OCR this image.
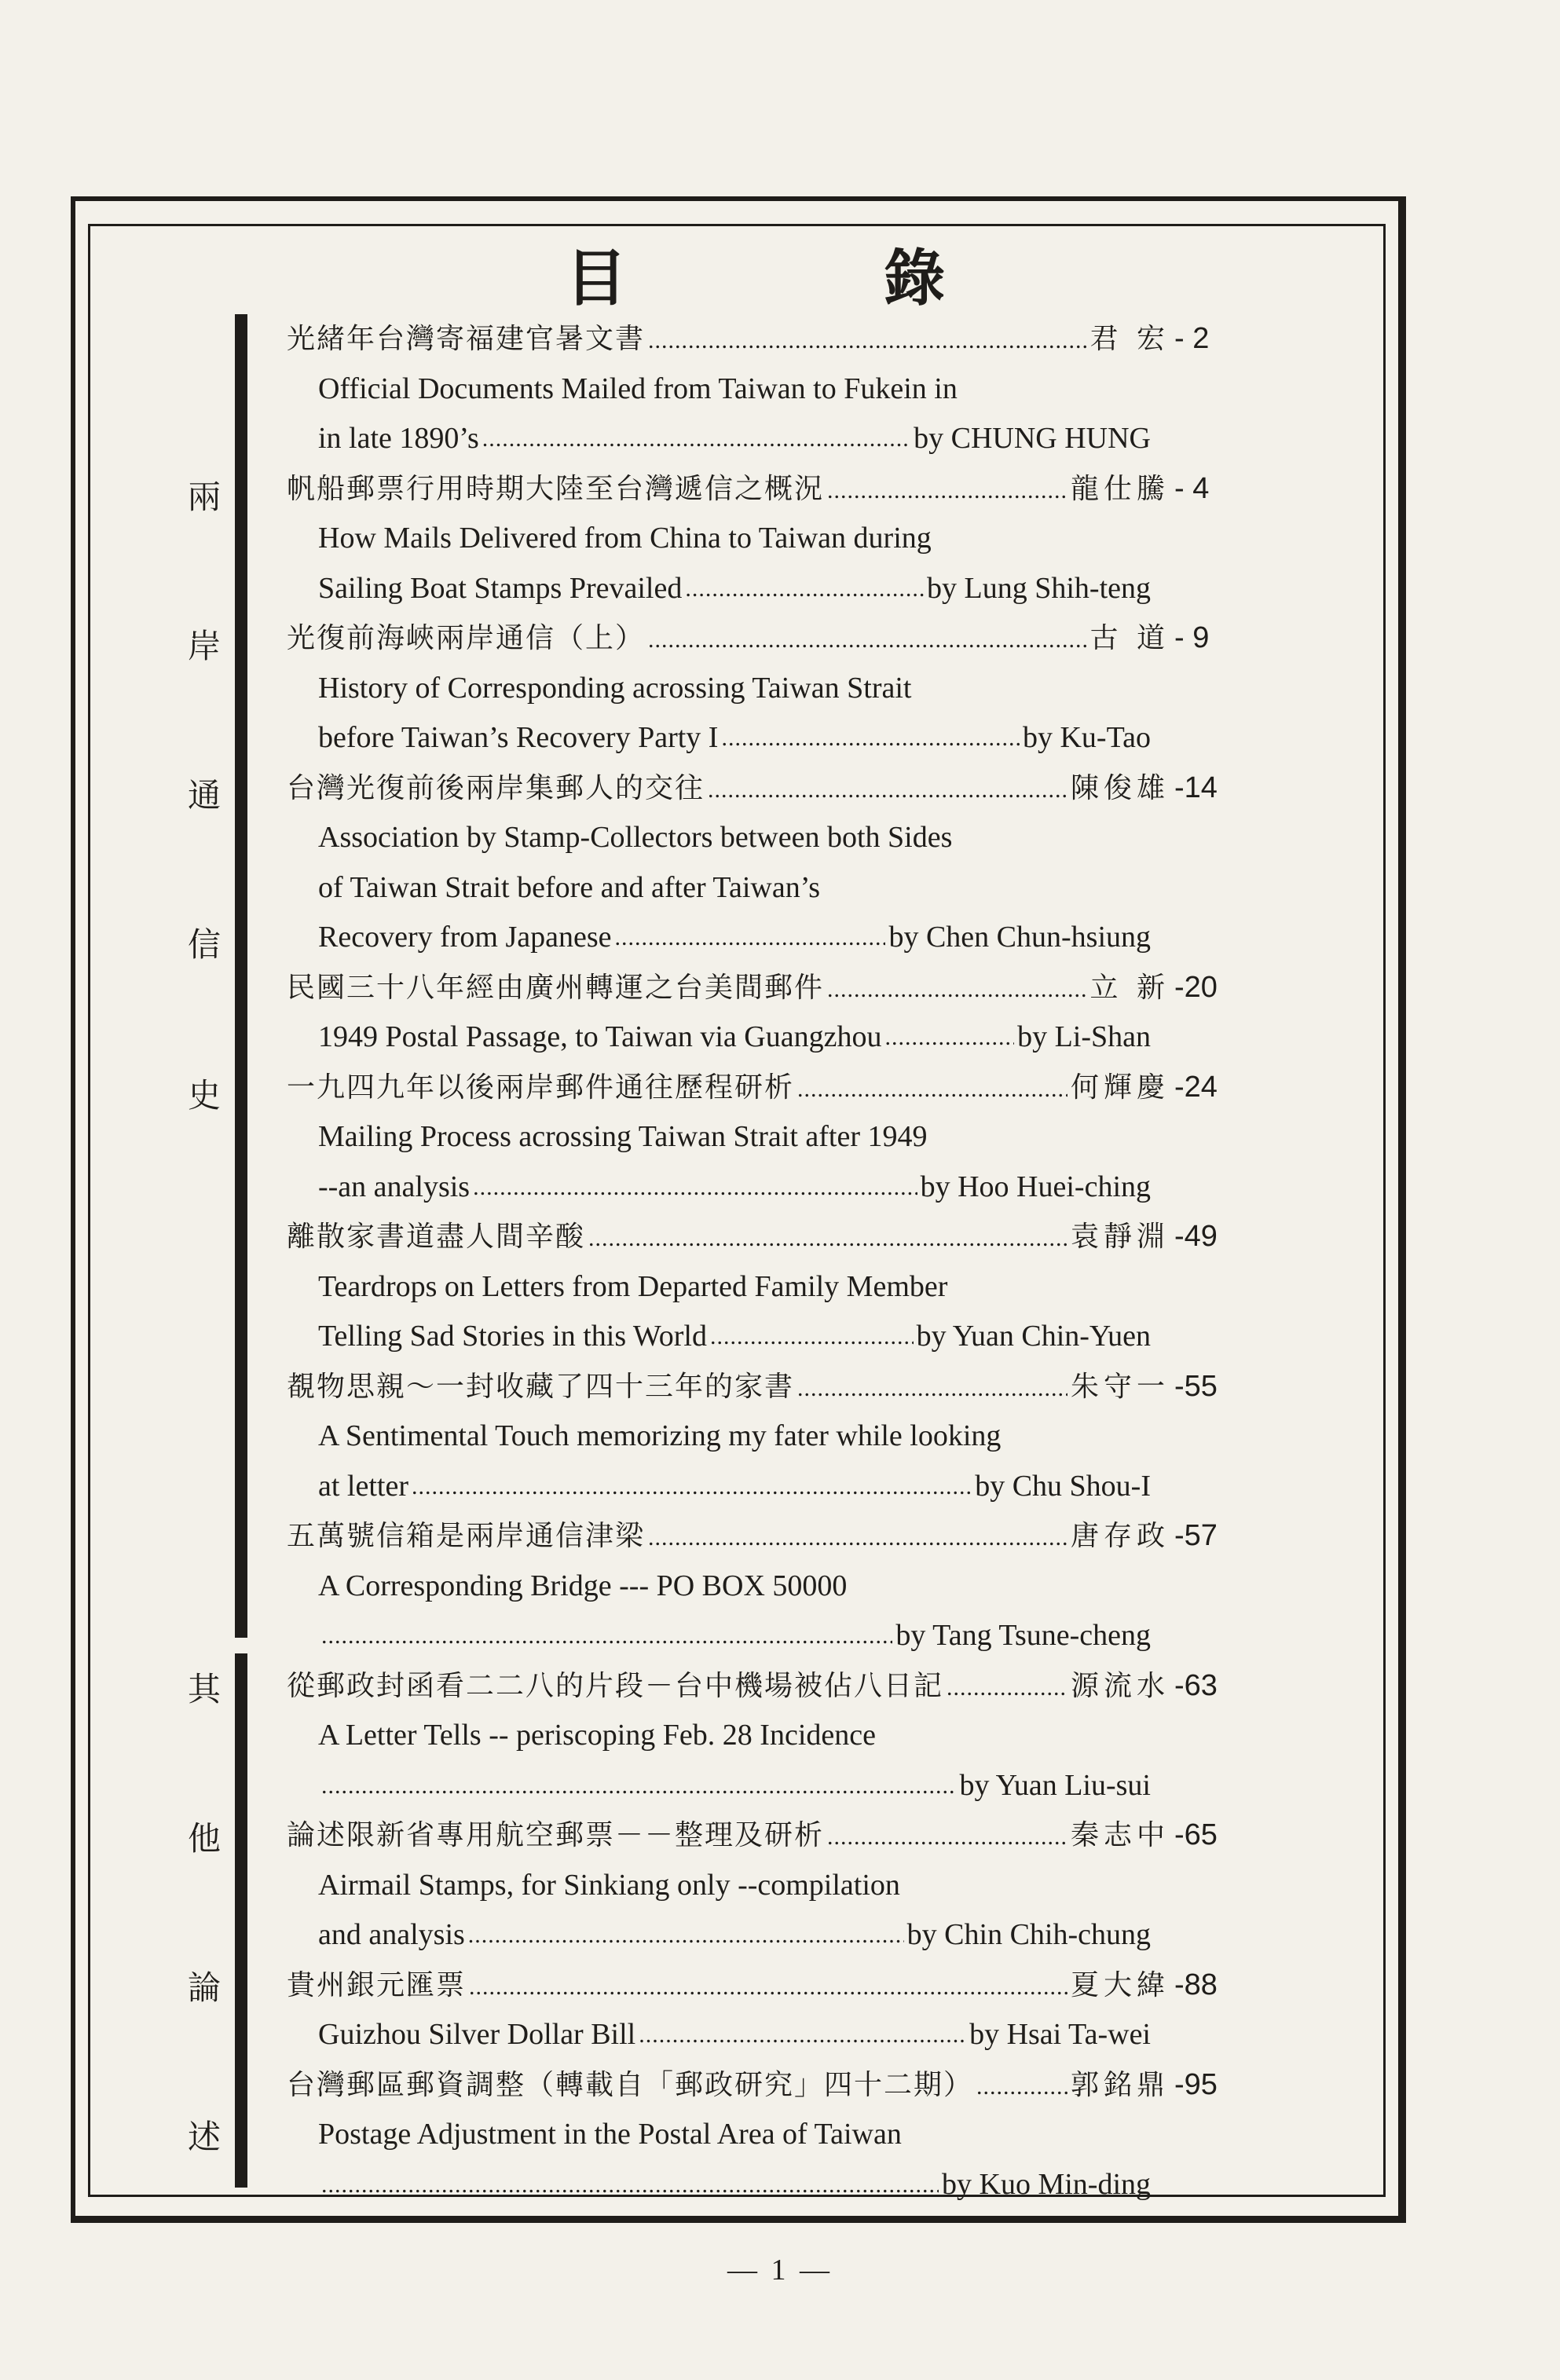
目 錄
兩
岸
通
信
史
其
他
論
述
光緒年台灣寄福建官暑文書 .....	君 宏 - 2
Official Documents Mailed from Taiwan to Fukein in
in late 1890’s .....	by CHUNG HUNG
帆船郵票行用時期大陸至台灣遞信之概況 .....	龍仕騰 - 4
How Mails Delivered from China to Taiwan during
Sailing Boat Stamps Prevailed .....	by Lung Shih-teng
光復前海峽兩岸通信（上） .....	古 道 - 9
History of Corresponding acrossing Taiwan Strait
before Taiwan’s Recovery Party I .....	by Ku-Tao
台灣光復前後兩岸集郵人的交往 .....	陳俊雄 -14
Association by Stamp-Collectors between both Sides
of Taiwan Strait before and after Taiwan’s
Recovery from Japanese .....	by Chen Chun-hsiung
民國三十八年經由廣州轉運之台美間郵件 .....	立 新 -20
1949 Postal Passage, to Taiwan via Guangzhou .....	by Li-Shan
一九四九年以後兩岸郵件通往歷程研析 .....	何輝慶 -24
Mailing Process acrossing Taiwan Strait after 1949
--an analysis .....	by Hoo Huei-ching
離散家書道盡人間辛酸 .....	袁靜淵 -49
Teardrops on Letters from Departed Family Member
Telling Sad Stories in this World .....	by Yuan Chin-Yuen
覩物思親～一封收藏了四十三年的家書 .....	朱守一 -55
A Sentimental Touch memorizing my fater while looking
at letter .....	by Chu Shou-I
五萬號信箱是兩岸通信津梁 .....	唐存政 -57
A Corresponding Bridge --- PO BOX 50000
.....
by Tang Tsune-cheng
從郵政封函看二二八的片段－台中機場被佔八日記 .....	源流水 -63
A Letter Tells -- periscoping Feb. 28 Incidence
.....
by Yuan Liu-sui
論述限新省專用航空郵票－－整理及研析 .....	秦志中 -65
Airmail Stamps, for Sinkiang only --compilation
and analysis .....	by Chin Chih-chung
貴州銀元匯票 .....	夏大緯 -88
Guizhou Silver Dollar Bill .....	by Hsai Ta-wei
台灣郵區郵資調整（轉載自「郵政研究」四十二期） .....	郭銘鼎 -95
Postage Adjustment in the Postal Area of Taiwan
.....
by Kuo Min-ding
— 1 —
